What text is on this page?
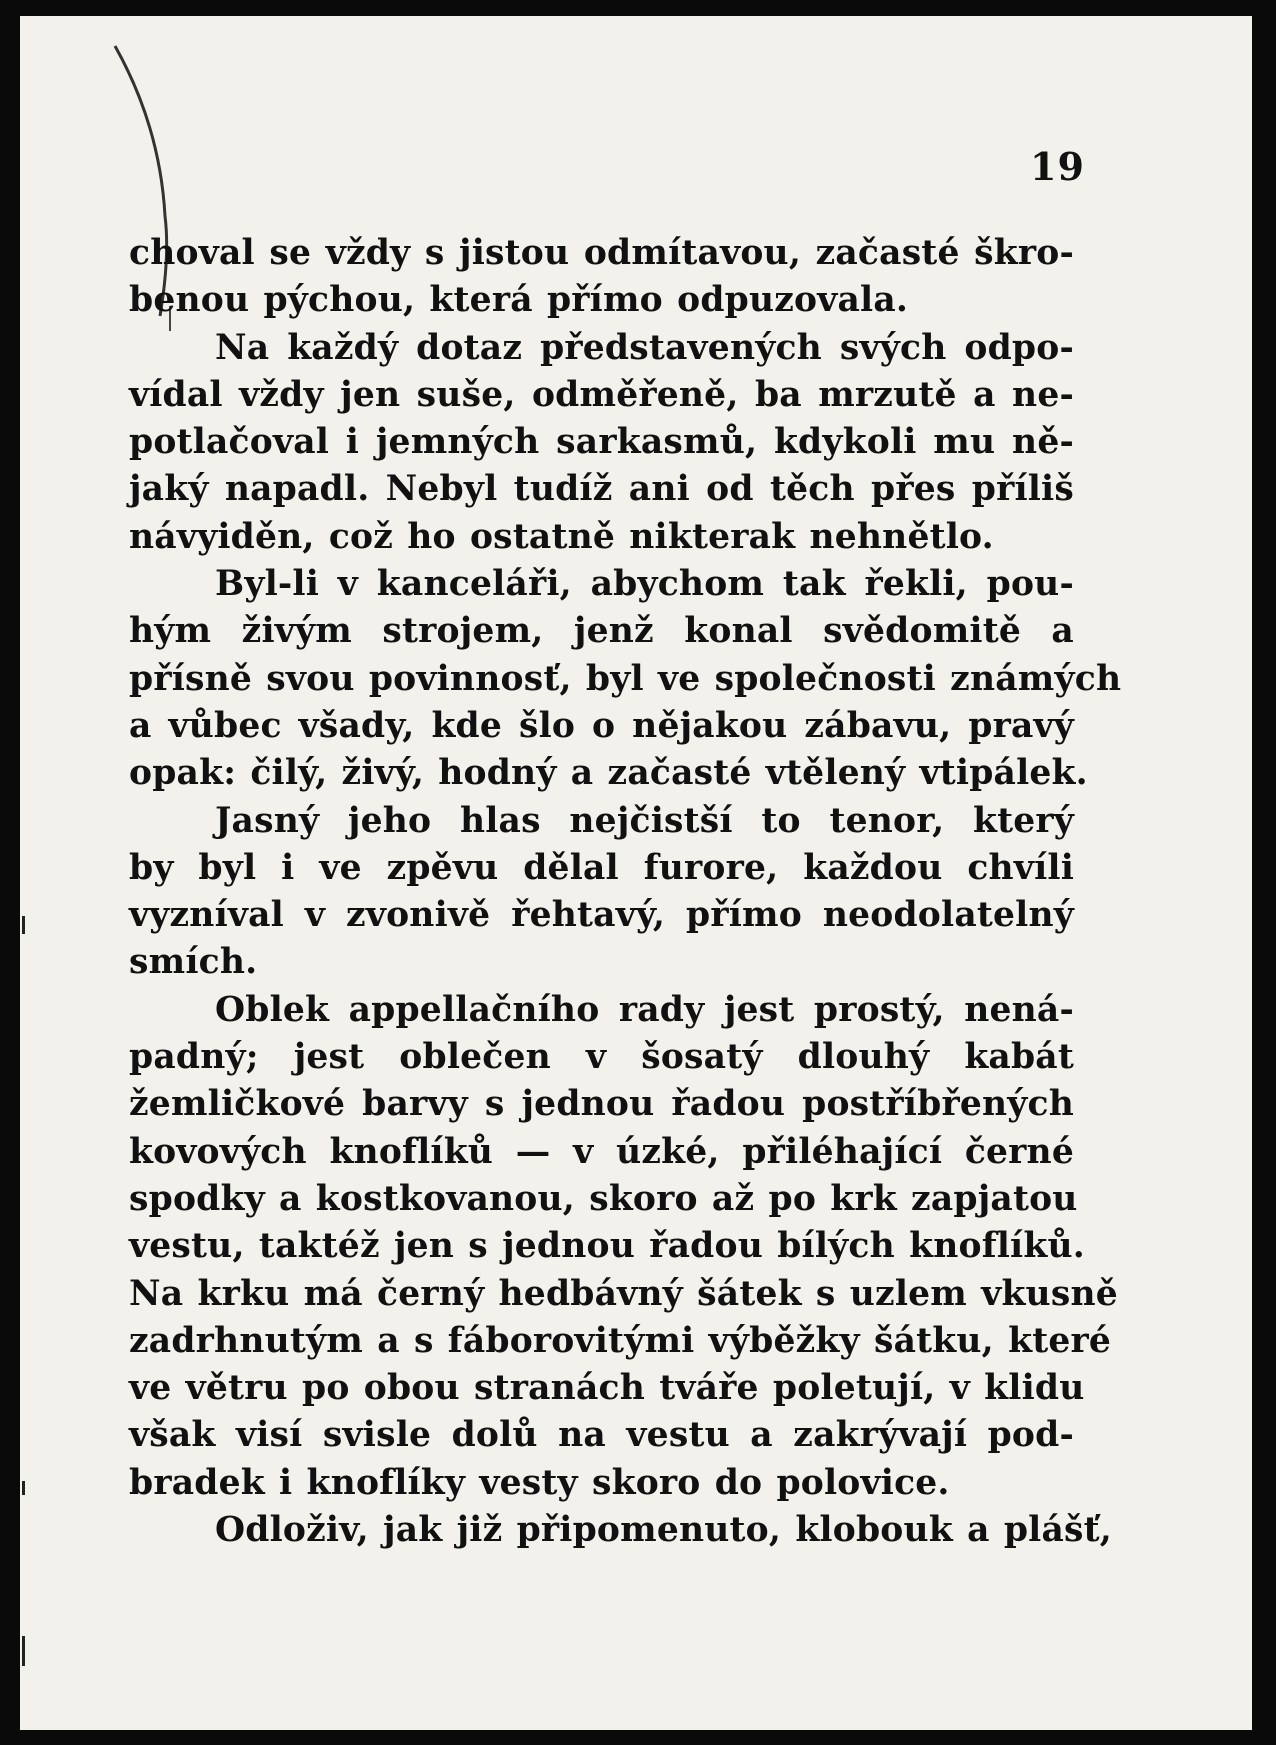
19
choval se vždy s jistou odmítavou, začasté škro-
benou pýchou, která přímo odpuzovala.
Na každý dotaz představených svých odpo-
vídal vždy jen suše, odměřeně, ba mrzutě a ne-
potlačoval i jemných sarkasmů, kdykoli mu ně-
jaký napadl. Nebyl tudíž ani od těch přes příliš
návyiděn, což ho ostatně nikterak nehnětlo.
Byl-li v kanceláři, abychom tak řekli, pou-
hým živým strojem, jenž konal svědomitě a
přísně svou povinnosť, byl ve společnosti známých
a vůbec všady, kde šlo o nějakou zábavu, pravý
opak: čilý, živý, hodný a začasté vtělený vtipálek.
Jasný jeho hlas nejčistší to tenor, který
by byl i ve zpěvu dělal furore, každou chvíli
vyzníval v zvonivě řehtavý, přímo neodolatelný
smích.
Oblek appellačního rady jest prostý, nená-
padný; jest oblečen v šosatý dlouhý kabát
žemličkové barvy s jednou řadou postříbřených
kovových knoflíků — v úzké, přiléhající černé
spodky a kostkovanou, skoro až po krk zapjatou
vestu, taktéž jen s jednou řadou bílých knoflíků.
Na krku má černý hedbávný šátek s uzlem vkusně
zadrhnutým a s fáborovitými výběžky šátku, které
ve větru po obou stranách tváře poletují, v klidu
však visí svisle dolů na vestu a zakrývají pod-
bradek i knoflíky vesty skoro do polovice.
Odloživ, jak již připomenuto, klobouk a plášť,
